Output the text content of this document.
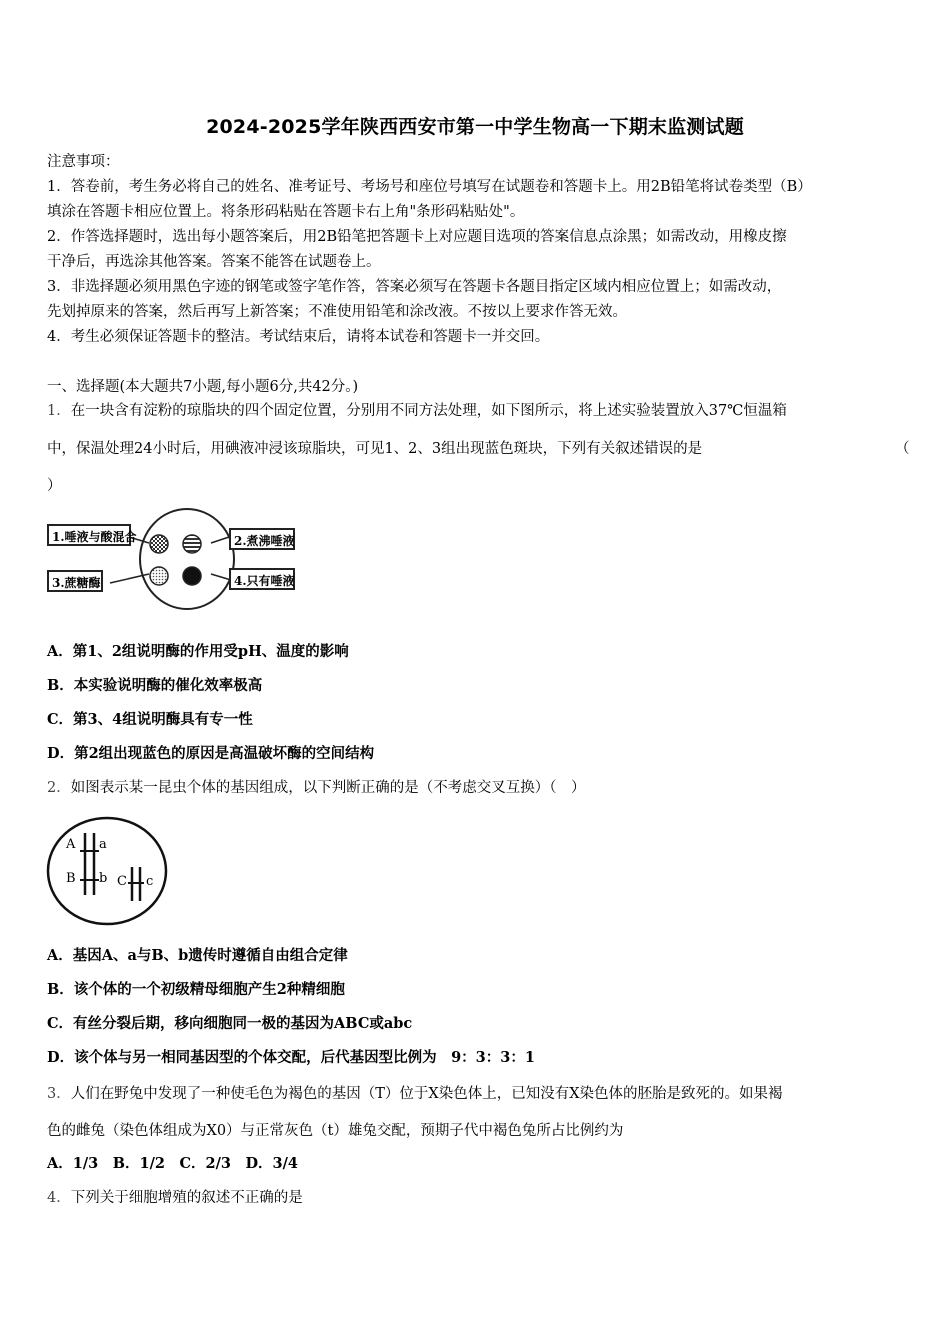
2024-2025学年陕西西安市第一中学生物高一下期末监测试题
注意事项：
1．答卷前，考生务必将自己的姓名、准考证号、考场号和座位号填写在试题卷和答题卡上。用2B铅笔将试卷类型（B）
填涂在答题卡相应位置上。将条形码粘贴在答题卡右上角"条形码粘贴处"。
2．作答选择题时，选出每小题答案后，用2B铅笔把答题卡上对应题目选项的答案信息点涂黑；如需改动，用橡皮擦
干净后，再选涂其他答案。答案不能答在试题卷上。
3．非选择题必须用黑色字迹的钢笔或签字笔作答，答案必须写在答题卡各题目指定区域内相应位置上；如需改动，
先划掉原来的答案，然后再写上新答案；不准使用铅笔和涂改液。不按以上要求作答无效。
4．考生必须保证答题卡的整洁。考试结束后，请将本试卷和答题卡一并交回。
一、选择题(本大题共7小题,每小题6分,共42分。)
1．在一块含有淀粉的琼脂块的四个固定位置，分别用不同方法处理，如下图所示，将上述实验装置放入37℃恒温箱
中，保温处理24小时后，用碘液冲浸该琼脂块，可见1、2、3组出现蓝色斑块，下列有关叙述错误的是	（
）
1.唾液与酸混合	2.煮沸唾液
3.蔗糖酶	4.只有唾液
A．第1、2组说明酶的作用受pH、温度的影响
B．本实验说明酶的催化效率极高
C．第3、4组说明酶具有专一性
D．第2组出现蓝色的原因是高温破坏酶的空间结构
2．如图表示某一昆虫个体的基因组成，以下判断正确的是（不考虑交叉互换）（　）
A a
B b C c
A．基因A、a与B、b遗传时遵循自由组合定律
B．该个体的一个初级精母细胞产生2种精细胞
C．有丝分裂后期，移向细胞同一极的基因为ABC或abc
D．该个体与另一相同基因型的个体交配，后代基因型比例为　9：3：3：1
3．人们在野兔中发现了一种使毛色为褐色的基因（T）位于X染色体上，已知没有X染色体的胚胎是致死的。如果褐
色的雌兔（染色体组成为X0）与正常灰色（t）雄兔交配，预期子代中褐色兔所占比例约为
A．1/3　B．1/2　C．2/3　D．3/4
4．下列关于细胞增殖的叙述不正确的是
